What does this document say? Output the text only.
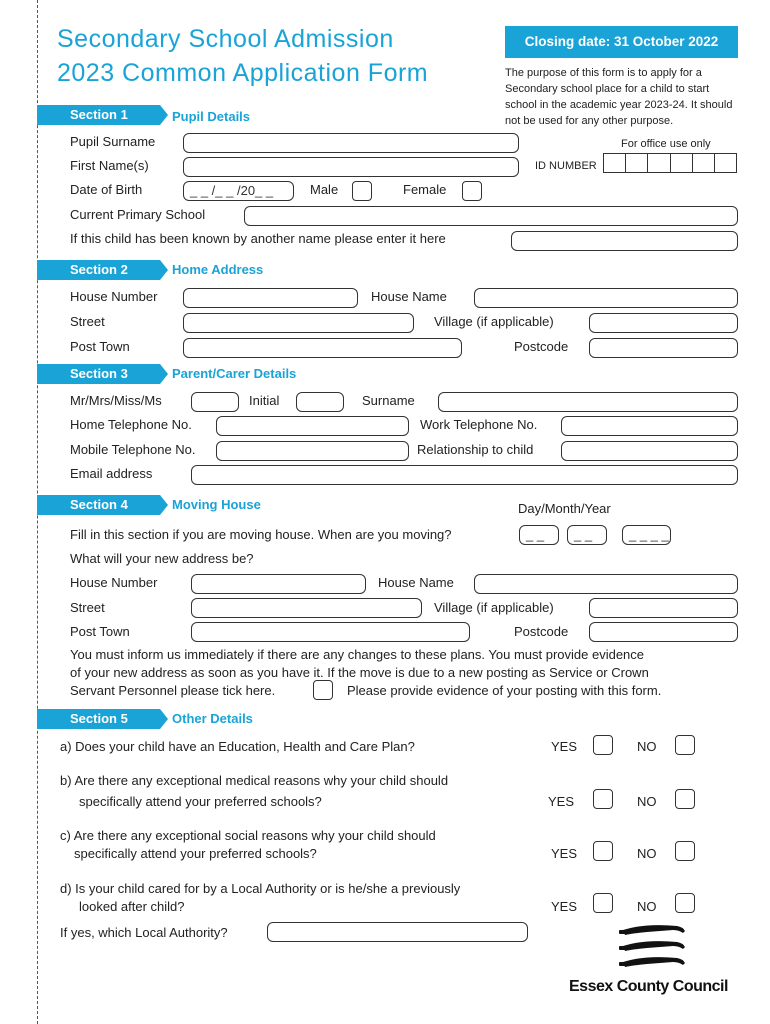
Secondary School Admission
2023 Common Application Form
Closing date: 31 October 2022
The purpose of this form is to apply for a Secondary school place for a child to start school in the academic year 2023-24. It should not be used for any other purpose.
Section 1	Pupil Details
For office use only
ID NUMBER
Pupil Surname
First Name(s)
Date of Birth	_ _ /_ _ /20_ _	Male	Female
Current Primary School
If this child has been known by another name please enter it here
Section 2	Home Address
House Number	House Name
Street	Village (if applicable)
Post Town	Postcode
Section 3	Parent/Carer Details
Mr/Mrs/Miss/Ms	Initial	Surname
Home Telephone No.	Work Telephone No.
Mobile Telephone No.	Relationship to child
Email address
Section 4	Moving House	Day/Month/Year
Fill in this section if you are moving house. When are you moving?	_ _	_ _	_ _ _ _
What will your new address be?
House Number	House Name
Street	Village (if applicable)
Post Town	Postcode
You must inform us immediately if there are any changes to these plans. You must provide evidence
of your new address as soon as you have it. If the move is due to a new posting as Service or Crown
Servant Personnel please tick here.	Please provide evidence of your posting with this form.
Section 5	Other Details
a) Does your child have an Education, Health and Care Plan?	YES	NO
b) Are there any exceptional medical reasons why your child should
specifically attend your preferred schools?	YES	NO
c) Are there any exceptional social reasons why your child should
specifically attend your preferred schools?	YES	NO
d) Is your child cared for by a Local Authority or is he/she a previously
looked after child?	YES	NO
If yes, which Local Authority?
Essex County Council
